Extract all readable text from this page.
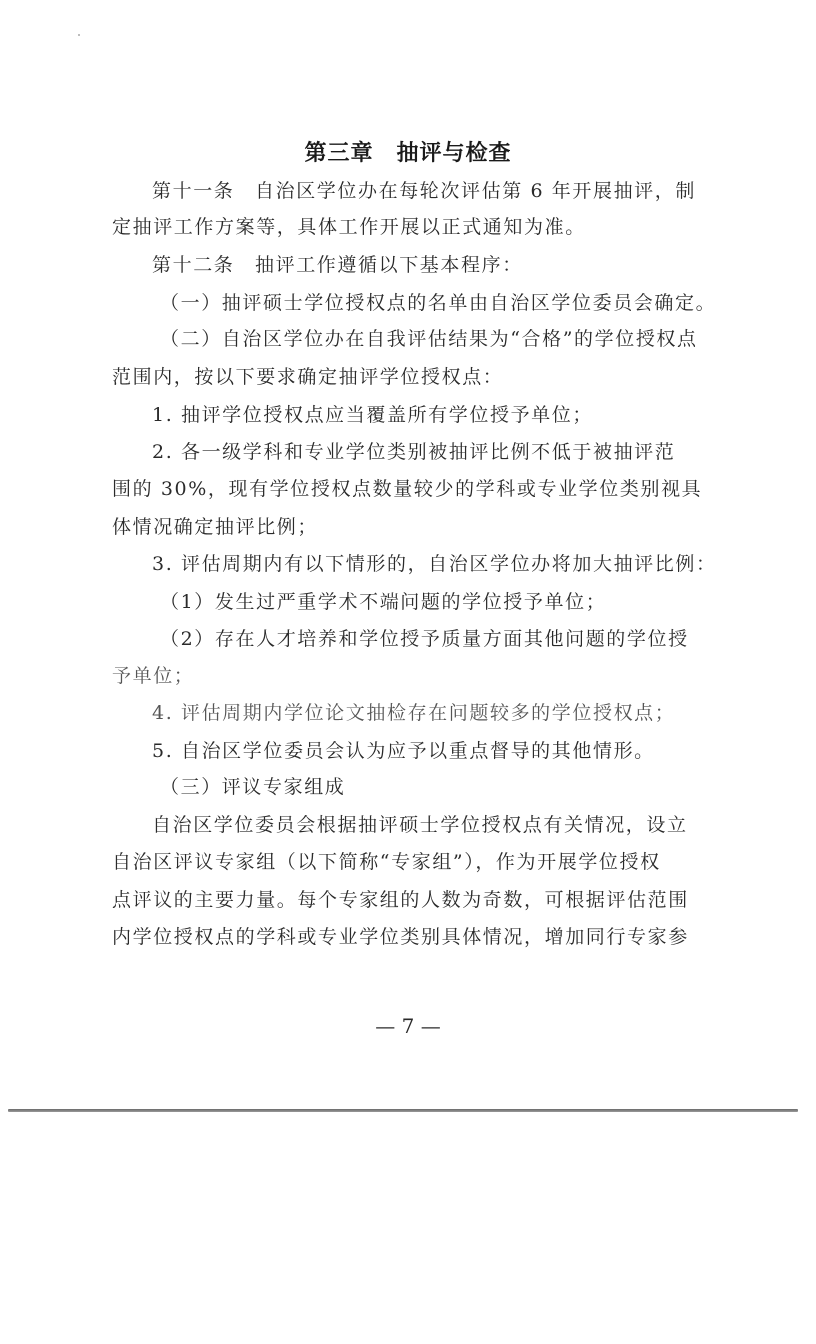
第三章　抽评与检查
第十一条　自治区学位办在每轮次评估第 6 年开展抽评，制
定抽评工作方案等，具体工作开展以正式通知为准。
第十二条　抽评工作遵循以下基本程序：
（一）抽评硕士学位授权点的名单由自治区学位委员会确定。
（二）自治区学位办在自我评估结果为“合格”的学位授权点
范围内，按以下要求确定抽评学位授权点：
1. 抽评学位授权点应当覆盖所有学位授予单位；
2. 各一级学科和专业学位类别被抽评比例不低于被抽评范
围的 30%，现有学位授权点数量较少的学科或专业学位类别视具
体情况确定抽评比例；
3. 评估周期内有以下情形的，自治区学位办将加大抽评比例：
（1）发生过严重学术不端问题的学位授予单位；
（2）存在人才培养和学位授予质量方面其他问题的学位授
予单位；
4. 评估周期内学位论文抽检存在问题较多的学位授权点；
5. 自治区学位委员会认为应予以重点督导的其他情形。
（三）评议专家组成
自治区学位委员会根据抽评硕士学位授权点有关情况，设立
自治区评议专家组（以下简称“专家组”），作为开展学位授权
点评议的主要力量。每个专家组的人数为奇数，可根据评估范围
内学位授权点的学科或专业学位类别具体情况，增加同行专家参
— 7 —
